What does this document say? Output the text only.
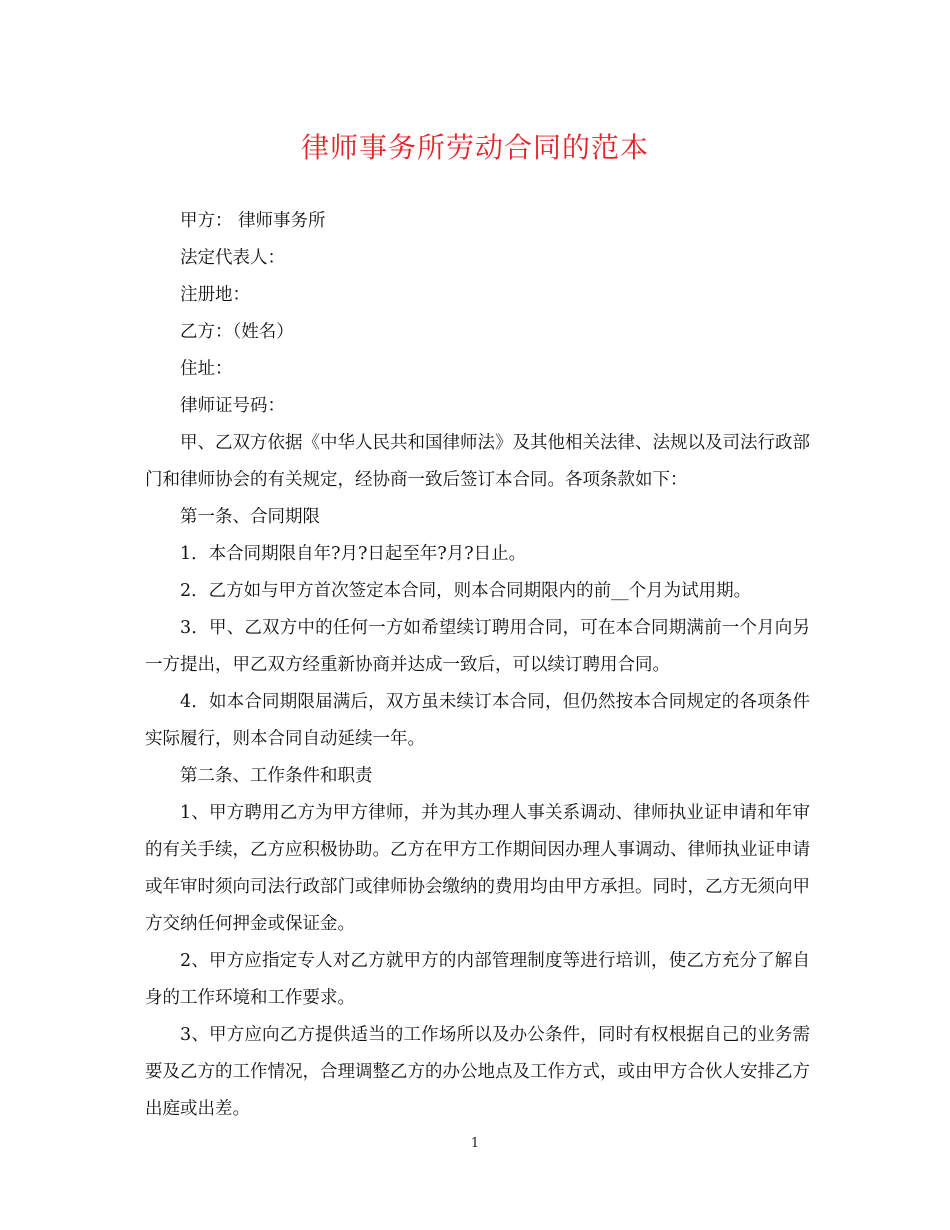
律师事务所劳动合同的范本

甲方： 律师事务所

法定代表人：

注册地：

乙方：（姓名）

住址：

律师证号码：

甲、乙双方依据《中华人民共和国律师法》及其他相关法律、法规以及司法行政部门和律师协会的有关规定，经协商一致后签订本合同。各项条款如下：

第一条、合同期限

1．本合同期限自年?月?日起至年?月?日止。

2．乙方如与甲方首次签定本合同，则本合同期限内的前__个月为试用期。

3．甲、乙双方中的任何一方如希望续订聘用合同，可在本合同期满前一个月向另一方提出，甲乙双方经重新协商并达成一致后，可以续订聘用合同。

4．如本合同期限届满后，双方虽未续订本合同，但仍然按本合同规定的各项条件实际履行，则本合同自动延续一年。

第二条、工作条件和职责

1、甲方聘用乙方为甲方律师，并为其办理人事关系调动、律师执业证申请和年审的有关手续，乙方应积极协助。乙方在甲方工作期间因办理人事调动、律师执业证申请或年审时须向司法行政部门或律师协会缴纳的费用均由甲方承担。同时，乙方无须向甲方交纳任何押金或保证金。

2、甲方应指定专人对乙方就甲方的内部管理制度等进行培训，使乙方充分了解自身的工作环境和工作要求。

3、甲方应向乙方提供适当的工作场所以及办公条件，同时有权根据自己的业务需要及乙方的工作情况，合理调整乙方的办公地点及工作方式，或由甲方合伙人安排乙方出庭或出差。

1
